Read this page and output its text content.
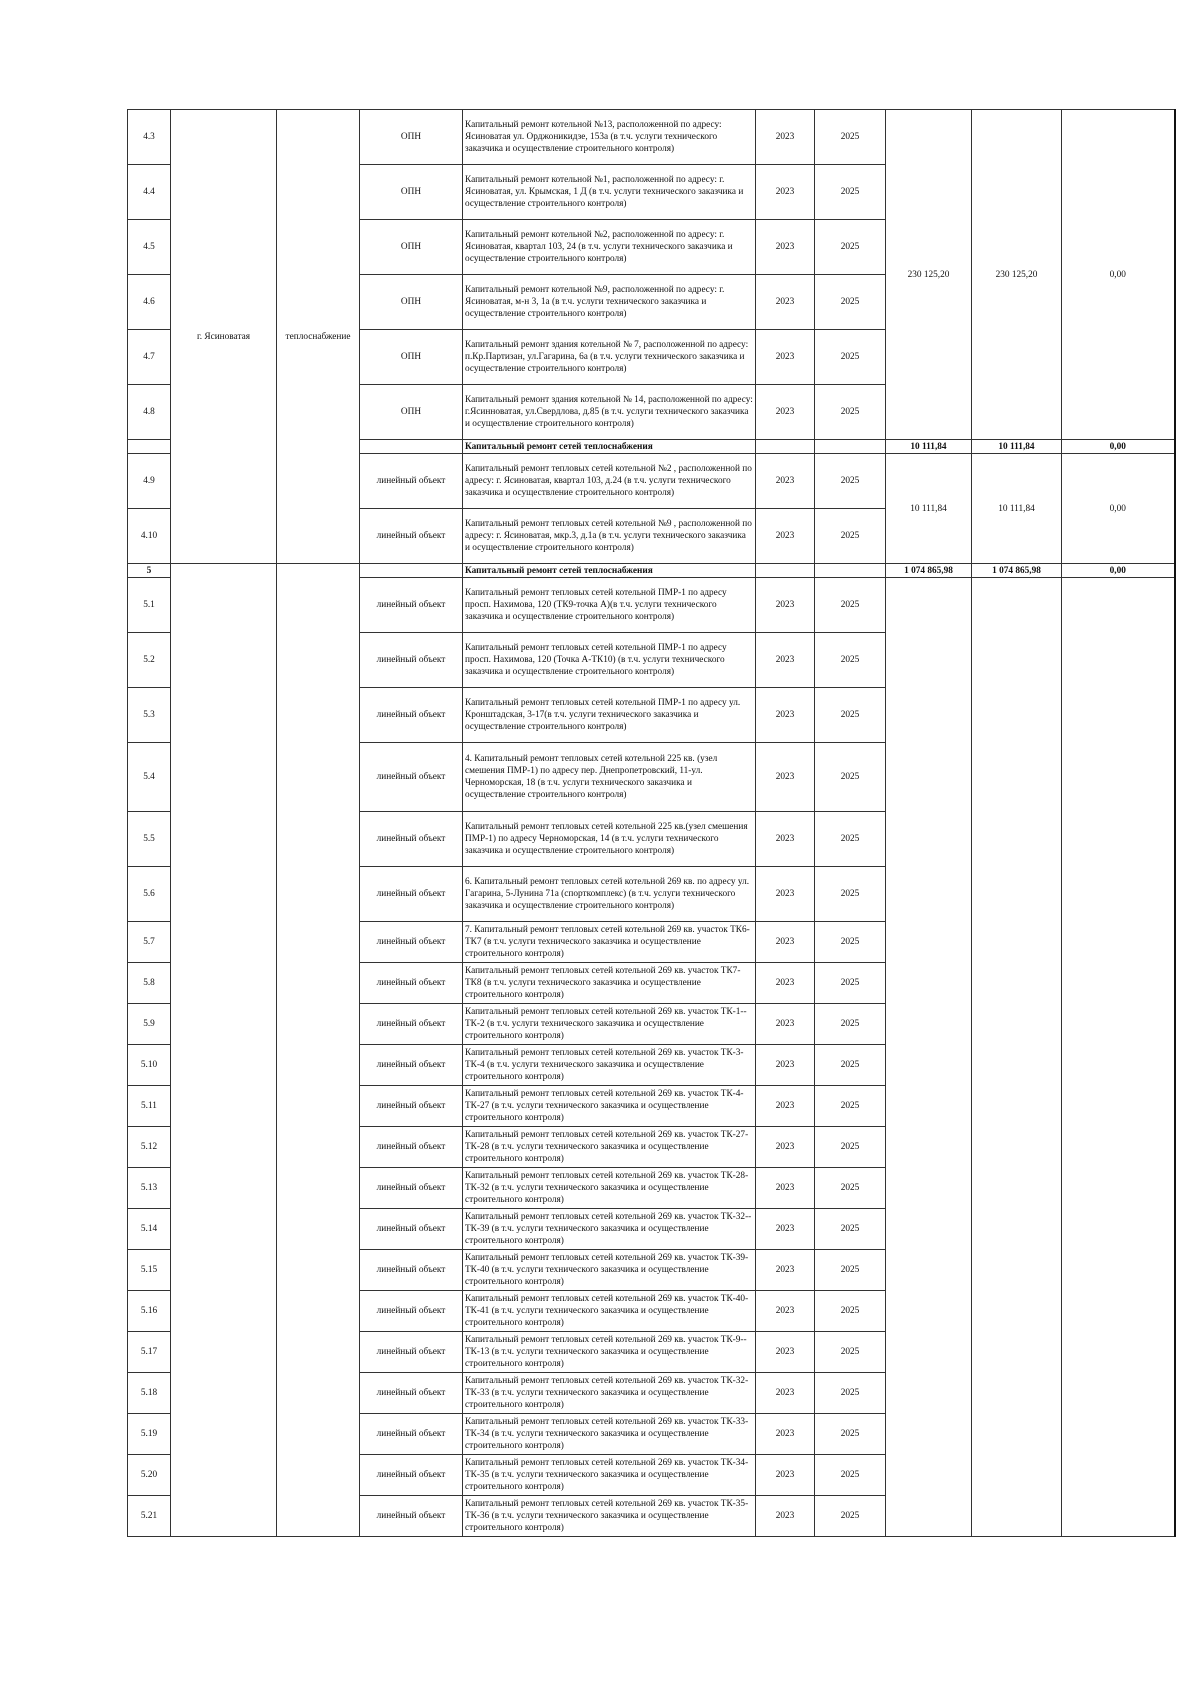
4.3	г. Ясиноватая	теплоснабжение	ОПН	Капитальный ремонт котельной №13, расположенной по адресу: Ясиноватая ул. Орджоникидзе, 153а (в т.ч. услуги технического заказчика и осуществление строительного контроля)	2023	2025	230 125,20	230 125,20	0,00
4.4			ОПН	Капитальный ремонт котельной №1, расположенной по адресу: г. Ясиноватая, ул. Крымская, 1 Д (в т.ч. услуги технического заказчика и осуществление строительного контроля)	2023	2025			
4.5			ОПН	Капитальный ремонт котельной №2, расположенной по адресу: г. Ясиноватая, квартал 103, 24 (в т.ч. услуги технического заказчика и осуществление строительного контроля)	2023	2025			
4.6			ОПН	Капитальный ремонт котельной №9, расположенной по адресу: г. Ясиноватая, м-н 3, 1а (в т.ч. услуги технического заказчика и осуществление строительного контроля)	2023	2025			
4.7			ОПН	Капитальный ремонт здания котельной № 7, расположенной по адресу: п.Кр.Партизан, ул.Гагарина, 6а (в т.ч. услуги технического заказчика и осуществление строительного контроля)	2023	2025			
4.8			ОПН	Капитальный ремонт здания котельной № 14, расположенной по адресу: г.Ясинноватая, ул.Свердлова, д.85 (в т.ч. услуги технического заказчика и осуществление строительного контроля)	2023	2025			
				Капитальный ремонт сетей теплоснабжения			10 111,84	10 111,84	0,00
4.9			линейный объект	Капитальный ремонт тепловых сетей котельной №2 , расположенной по адресу: г. Ясиноватая, квартал 103, д.24 (в т.ч. услуги технического заказчика и осуществление строительного контроля)	2023	2025	10 111,84	10 111,84	0,00
4.10			линейный объект	Капитальный ремонт тепловых сетей котельной №9 , расположенной по адресу: г. Ясиноватая, мкр.3, д.1а (в т.ч. услуги технического заказчика и осуществление строительного контроля)	2023	2025			
5				Капитальный ремонт сетей теплоснабжения			1 074 865,98	1 074 865,98	0,00
5.1			линейный объект	Капитальный ремонт тепловых сетей котельной ПМР-1 по адресу просп. Нахимова, 120 (ТК9-точка А)(в т.ч. услуги технического заказчика и осуществление строительного контроля)	2023	2025			
5.2			линейный объект	Капитальный ремонт тепловых сетей котельной ПМР-1 по адресу просп. Нахимова, 120 (Точка А-ТК10) (в т.ч. услуги технического заказчика и осуществление строительного контроля)	2023	2025			
5.3			линейный объект	Капитальный ремонт тепловых сетей котельной ПМР-1 по адресу ул. Кронштадская, 3-17(в т.ч. услуги технического заказчика и осуществление строительного контроля)	2023	2025			
5.4			линейный объект	4. Капитальный ремонт тепловых сетей котельной 225 кв. (узел смешения ПМР-1) по адресу пер. Днепропетровский, 11-ул. Черноморская, 18 (в т.ч. услуги технического заказчика и осуществление строительного контроля)	2023	2025			
5.5			линейный объект	Капитальный ремонт тепловых сетей котельной 225 кв.(узел смешения ПМР-1) по адресу Черноморская, 14 (в т.ч. услуги технического заказчика и осуществление строительного контроля)	2023	2025			
5.6			линейный объект	6. Капитальный ремонт тепловых сетей котельной 269 кв. по адресу ул. Гагарина, 5-Лунина 71а (спорткомплекс) (в т.ч. услуги технического заказчика и осуществление строительного контроля)	2023	2025			
5.7			линейный объект	7. Капитальный ремонт тепловых сетей котельной 269 кв. участок ТК6-ТК7 (в т.ч. услуги технического заказчика и осуществление строительного контроля)	2023	2025			
5.8			линейный объект	Капитальный ремонт тепловых сетей котельной 269 кв. участок ТК7-ТК8 (в т.ч. услуги технического заказчика и осуществление строительного контроля)	2023	2025			
5.9			линейный объект	Капитальный ремонт тепловых сетей котельной 269 кв. участок ТК-1--ТК-2 (в т.ч. услуги технического заказчика и осуществление строительного контроля)	2023	2025			
5.10			линейный объект	Капитальный ремонт тепловых сетей котельной 269 кв. участок ТК-3-ТК-4 (в т.ч. услуги технического заказчика и осуществление строительного контроля)	2023	2025			
5.11			линейный объект	Капитальный ремонт тепловых сетей котельной 269 кв. участок ТК-4-ТК-27 (в т.ч. услуги технического заказчика и осуществление строительного контроля)	2023	2025			
5.12			линейный объект	Капитальный ремонт тепловых сетей котельной 269 кв. участок ТК-27-ТК-28 (в т.ч. услуги технического заказчика и осуществление строительного контроля)	2023	2025			
5.13			линейный объект	Капитальный ремонт тепловых сетей котельной 269 кв. участок ТК-28-ТК-32 (в т.ч. услуги технического заказчика и осуществление строительного контроля)	2023	2025			
5.14			линейный объект	Капитальный ремонт тепловых сетей котельной 269 кв. участок ТК-32--ТК-39 (в т.ч. услуги технического заказчика и осуществление строительного контроля)	2023	2025			
5.15			линейный объект	Капитальный ремонт тепловых сетей котельной 269 кв. участок ТК-39-ТК-40 (в т.ч. услуги технического заказчика и осуществление строительного контроля)	2023	2025			
5.16			линейный объект	Капитальный ремонт тепловых сетей котельной 269 кв. участок ТК-40-ТК-41 (в т.ч. услуги технического заказчика и осуществление строительного контроля)	2023	2025			
5.17			линейный объект	Капитальный ремонт тепловых сетей котельной 269 кв. участок ТК-9--ТК-13 (в т.ч. услуги технического заказчика и осуществление строительного контроля)	2023	2025			
5.18			линейный объект	Капитальный ремонт тепловых сетей котельной 269 кв. участок ТК-32-ТК-33 (в т.ч. услуги технического заказчика и осуществление строительного контроля)	2023	2025			
5.19			линейный объект	Капитальный ремонт тепловых сетей котельной 269 кв. участок ТК-33-ТК-34 (в т.ч. услуги технического заказчика и осуществление строительного контроля)	2023	2025			
5.20			линейный объект	Капитальный ремонт тепловых сетей котельной 269 кв. участок ТК-34-ТК-35 (в т.ч. услуги технического заказчика и осуществление строительного контроля)	2023	2025			
5.21			линейный объект	Капитальный ремонт тепловых сетей котельной 269 кв. участок ТК-35-ТК-36 (в т.ч. услуги технического заказчика и осуществление строительного контроля)	2023	2025			
